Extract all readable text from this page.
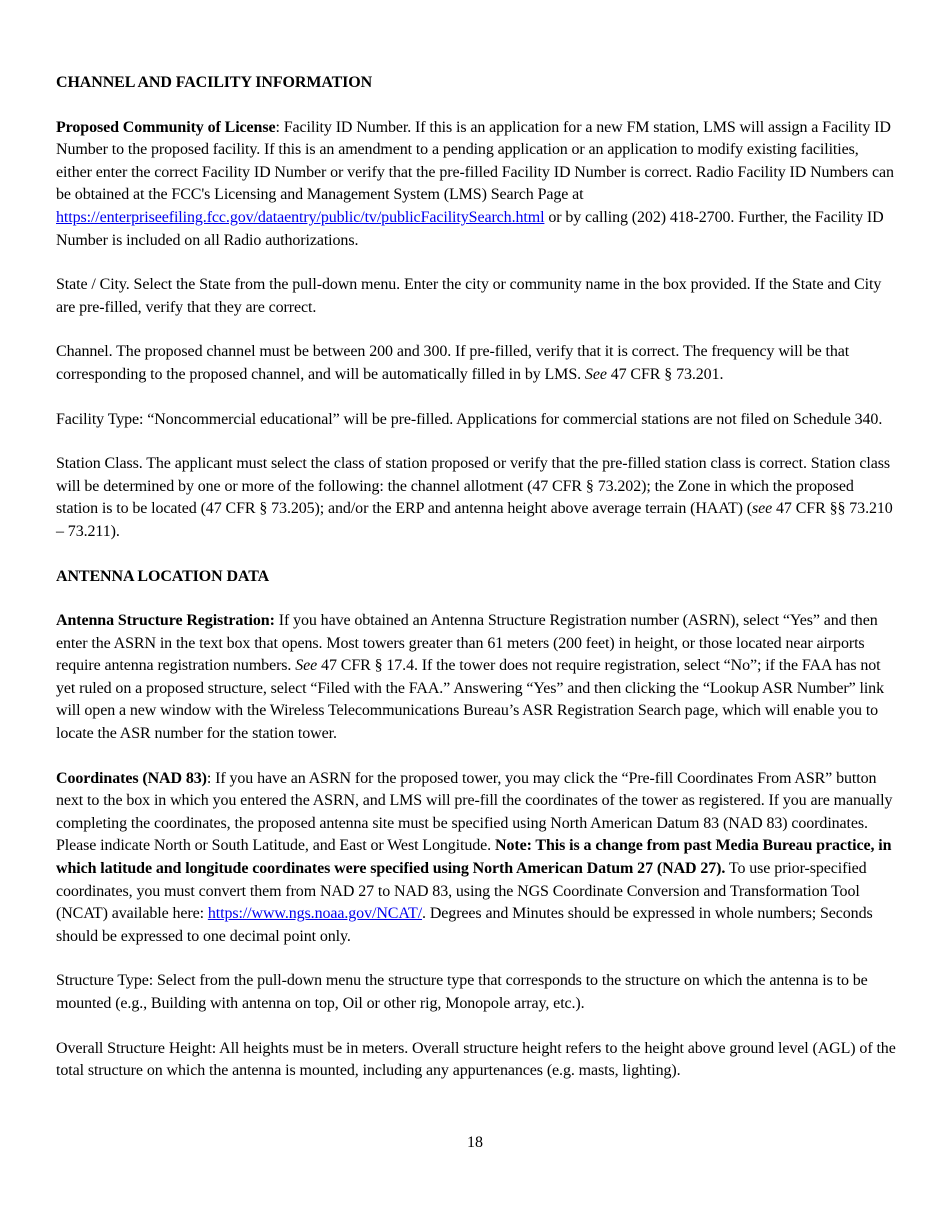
CHANNEL AND FACILITY INFORMATION

Proposed Community of License: Facility ID Number. If this is an application for a new FM station, LMS will assign a Facility ID Number to the proposed facility. If this is an amendment to a pending application or an application to modify existing facilities, either enter the correct Facility ID Number or verify that the pre-filled Facility ID Number is correct. Radio Facility ID Numbers can be obtained at the FCC's Licensing and Management System (LMS) Search Page at https://enterpriseefiling.fcc.gov/dataentry/public/tv/publicFacilitySearch.html or by calling (202) 418-2700. Further, the Facility ID Number is included on all Radio authorizations.

State / City. Select the State from the pull-down menu. Enter the city or community name in the box provided. If the State and City are pre-filled, verify that they are correct.

Channel. The proposed channel must be between 200 and 300. If pre-filled, verify that it is correct. The frequency will be that corresponding to the proposed channel, and will be automatically filled in by LMS. See 47 CFR § 73.201.

Facility Type: “Noncommercial educational” will be pre-filled. Applications for commercial stations are not filed on Schedule 340.

Station Class. The applicant must select the class of station proposed or verify that the pre-filled station class is correct. Station class will be determined by one or more of the following: the channel allotment (47 CFR § 73.202); the Zone in which the proposed station is to be located (47 CFR § 73.205); and/or the ERP and antenna height above average terrain (HAAT) (see 47 CFR §§ 73.210 – 73.211).

ANTENNA LOCATION DATA

Antenna Structure Registration: If you have obtained an Antenna Structure Registration number (ASRN), select “Yes” and then enter the ASRN in the text box that opens. Most towers greater than 61 meters (200 feet) in height, or those located near airports require antenna registration numbers. See 47 CFR § 17.4. If the tower does not require registration, select “No”; if the FAA has not yet ruled on a proposed structure, select “Filed with the FAA.” Answering “Yes” and then clicking the “Lookup ASR Number” link will open a new window with the Wireless Telecommunications Bureau’s ASR Registration Search page, which will enable you to locate the ASR number for the station tower.

Coordinates (NAD 83): If you have an ASRN for the proposed tower, you may click the “Pre-fill Coordinates From ASR” button next to the box in which you entered the ASRN, and LMS will pre-fill the coordinates of the tower as registered. If you are manually completing the coordinates, the proposed antenna site must be specified using North American Datum 83 (NAD 83) coordinates. Please indicate North or South Latitude, and East or West Longitude. Note: This is a change from past Media Bureau practice, in which latitude and longitude coordinates were specified using North American Datum 27 (NAD 27). To use prior-specified coordinates, you must convert them from NAD 27 to NAD 83, using the NGS Coordinate Conversion and Transformation Tool (NCAT) available here: https://www.ngs.noaa.gov/NCAT/. Degrees and Minutes should be expressed in whole numbers; Seconds should be expressed to one decimal point only.

Structure Type: Select from the pull-down menu the structure type that corresponds to the structure on which the antenna is to be mounted (e.g., Building with antenna on top, Oil or other rig, Monopole array, etc.).

Overall Structure Height: All heights must be in meters. Overall structure height refers to the height above ground level (AGL) of the total structure on which the antenna is mounted, including any appurtenances (e.g. masts, lighting).

18
